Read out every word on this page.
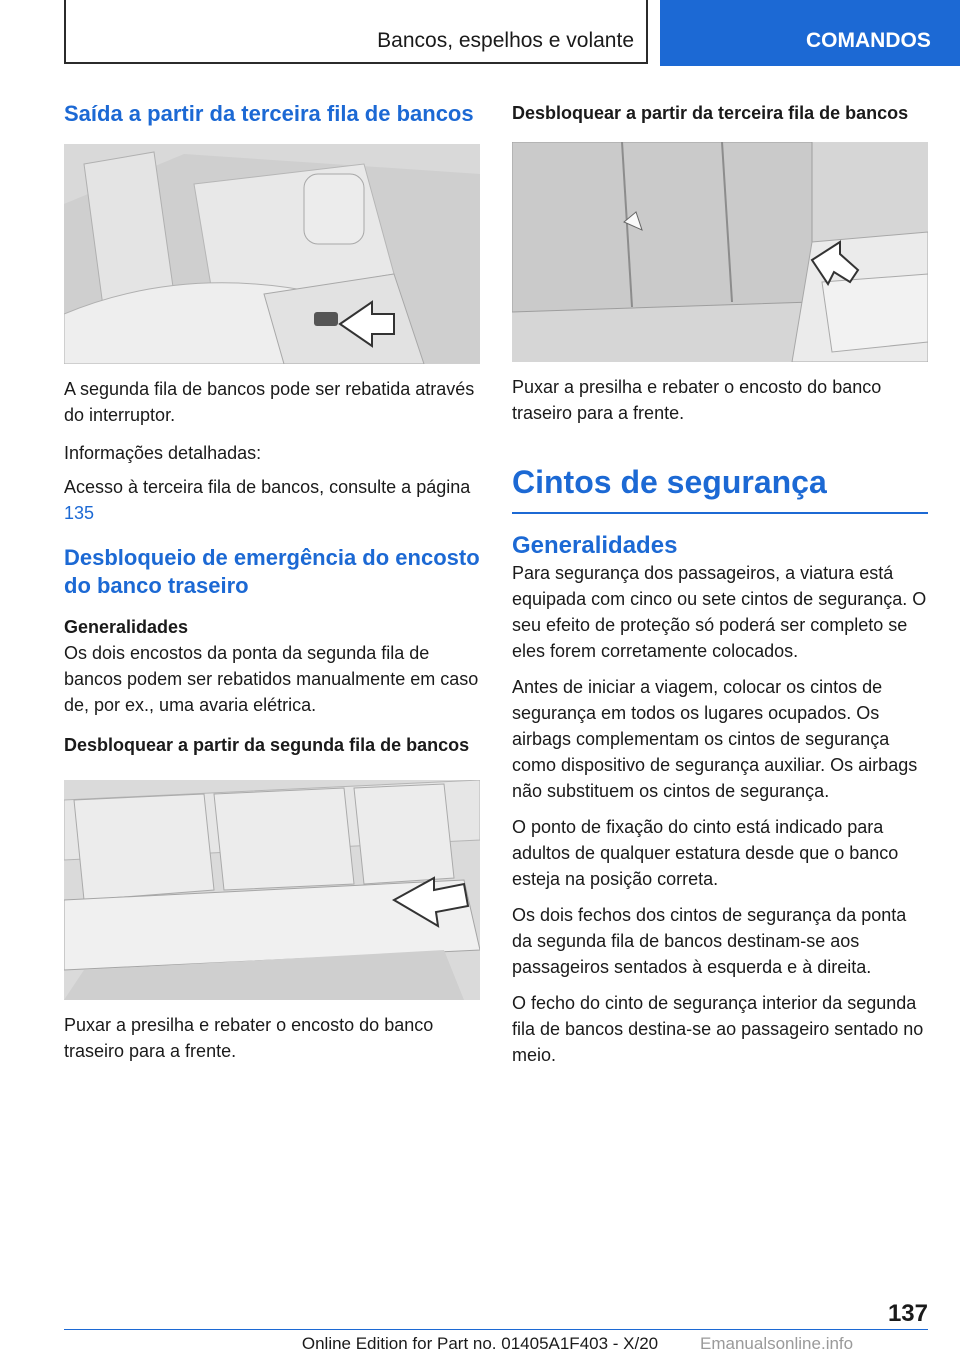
Bancos, espelhos e volante	COMANDOS
Saída a partir da terceira fila de bancos

A segunda fila de bancos pode ser rebatida através do interruptor.

Informações detalhadas:

Acesso à terceira fila de bancos, consulte a página 135

Desbloqueio de emergência do encosto do banco traseiro
Generalidades

Os dois encostos da ponta da segunda fila de bancos podem ser rebatidos manualmente em caso de, por ex., uma avaria elétrica.

Desbloquear a partir da segunda fila de bancos

Puxar a presilha e rebater o encosto do banco traseiro para a frente.

Desbloquear a partir da terceira fila de bancos

Puxar a presilha e rebater o encosto do banco traseiro para a frente.

Cintos de segurança
Generalidades

Para segurança dos passageiros, a viatura está equipada com cinco ou sete cintos de segurança. O seu efeito de proteção só poderá ser completo se eles forem corretamente colocados.

Antes de iniciar a viagem, colocar os cintos de segurança em todos os lugares ocupados. Os airbags complementam os cintos de segurança como dispositivo de segurança auxiliar. Os airbags não substituem os cintos de segurança.

O ponto de fixação do cinto está indicado para adultos de qualquer estatura desde que o banco esteja na posição correta.

Os dois fechos dos cintos de segurança da ponta da segunda fila de bancos destinam-se aos passageiros sentados à esquerda e à direita.

O fecho do cinto de segurança interior da segunda fila de bancos destina-se ao passageiro sentado no meio.

137
Online Edition for Part no. 01405A1F403 - X/20	Emanualsonline.info
